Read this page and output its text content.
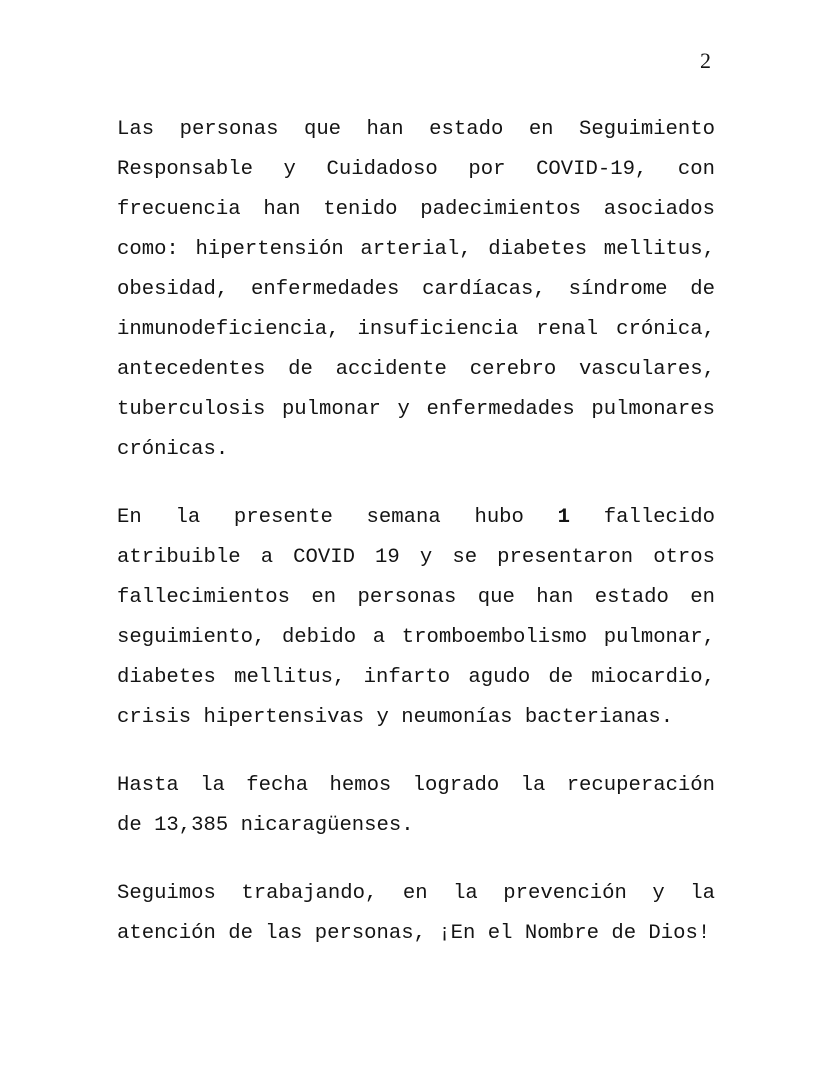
2

Las personas que han estado en Seguimiento Responsable y Cuidadoso por COVID-19, con frecuencia han tenido padecimientos asociados como: hipertensión arterial, diabetes mellitus, obesidad, enfermedades cardíacas, síndrome de inmunodeficiencia, insuficiencia renal crónica, antecedentes de accidente cerebro vasculares, tuberculosis pulmonar y enfermedades pulmonares crónicas.

En la presente semana hubo 1 fallecido atribuible a COVID 19 y se presentaron otros fallecimientos en personas que han estado en seguimiento, debido a tromboembolismo pulmonar, diabetes mellitus, infarto agudo de miocardio, crisis hipertensivas y neumonías bacterianas.

Hasta la fecha hemos logrado la recuperación de 13,385 nicaragüenses.

Seguimos trabajando, en la prevención y la atención de las personas, ¡En el Nombre de Dios!
